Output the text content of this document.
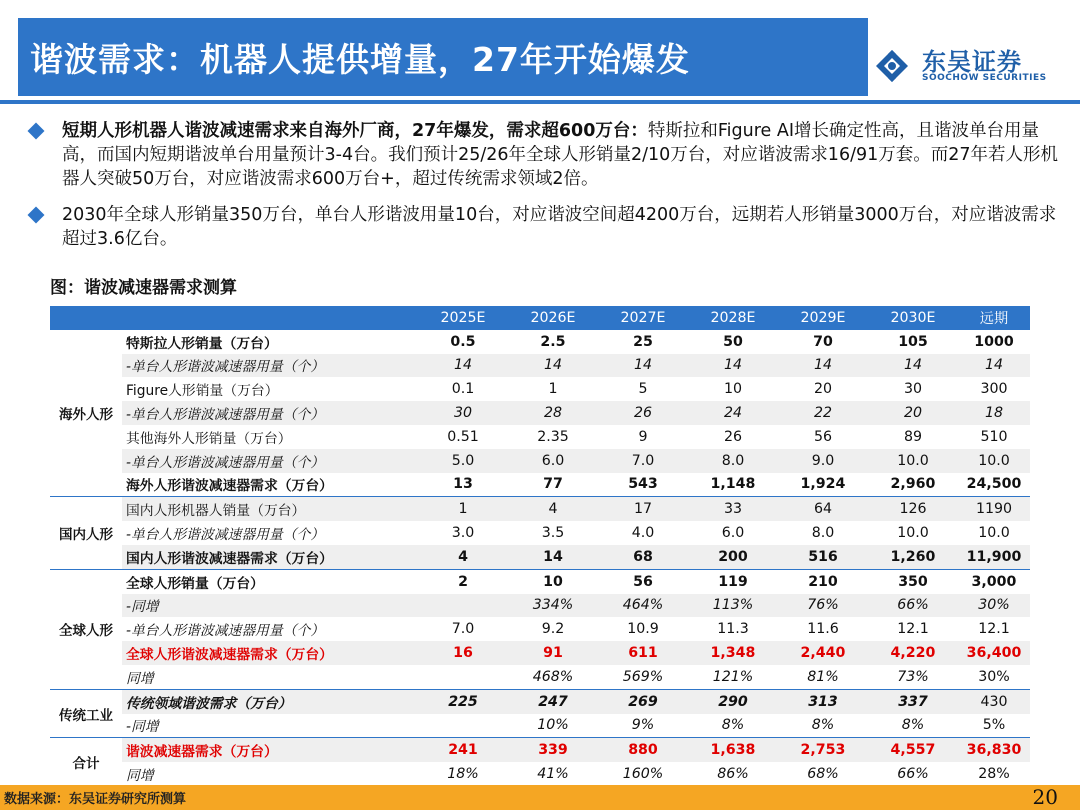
谐波需求：机器人提供增量，27年开始爆发	东吴证券
SOOCHOW SECURITIES
短期人形机器人谐波减速需求来自海外厂商，27年爆发，需求超600万台：特斯拉和Figure AI增长确定性高，且谐波单台用量高，而国内短期谐波单台用量预计3-4台。我们预计25/26年全球人形销量2/10万台，对应谐波需求16/91万套。而27年若人形机器人突破50万台，对应谐波需求600万台+，超过传统需求领域2倍。
2030年全球人形销量350万台，单台人形谐波用量10台，对应谐波空间超4200万台，远期若人形销量3000万台，对应谐波需求超过3.6亿台。
图：谐波减速器需求测算
		2025E	2026E	2027E	2028E	2029E	2030E	远期
海外人形	特斯拉人形销量（万台）	0.5	2.5	25	50	70	105	1000
	-单台人形谐波减速器用量（个）	14	14	14	14	14	14	14
	Figure人形销量（万台）	0.1	1	5	10	20	30	300
	-单台人形谐波减速器用量（个）	30	28	26	24	22	20	18
	其他海外人形销量（万台）	0.51	2.35	9	26	56	89	510
	-单台人形谐波减速器用量（个）	5.0	6.0	7.0	8.0	9.0	10.0	10.0
	海外人形谐波减速器需求（万台）	13	77	543	1,148	1,924	2,960	24,500
国内人形	国内人形机器人销量（万台）	1	4	17	33	64	126	1190
	-单台人形谐波减速器用量（个）	3.0	3.5	4.0	6.0	8.0	10.0	10.0
	国内人形谐波减速器需求（万台）	4	14	68	200	516	1,260	11,900
全球人形	全球人形销量（万台）	2	10	56	119	210	350	3,000
	-同增		334%	464%	113%	76%	66%	30%
	-单台人形谐波减速器用量（个）	7.0	9.2	10.9	11.3	11.6	12.1	12.1
	全球人形谐波减速器需求（万台）	16	91	611	1,348	2,440	4,220	36,400
	同增		468%	569%	121%	81%	73%	30%
传统工业	传统领域谐波需求（万台）	225	247	269	290	313	337	430
	-同增		10%	9%	8%	8%	8%	5%
合计	谐波减速器需求（万台）	241	339	880	1,638	2,753	4,557	36,830
	同增	18%	41%	160%	86%	68%	66%	28%
数据来源：东吴证券研究所测算	20
